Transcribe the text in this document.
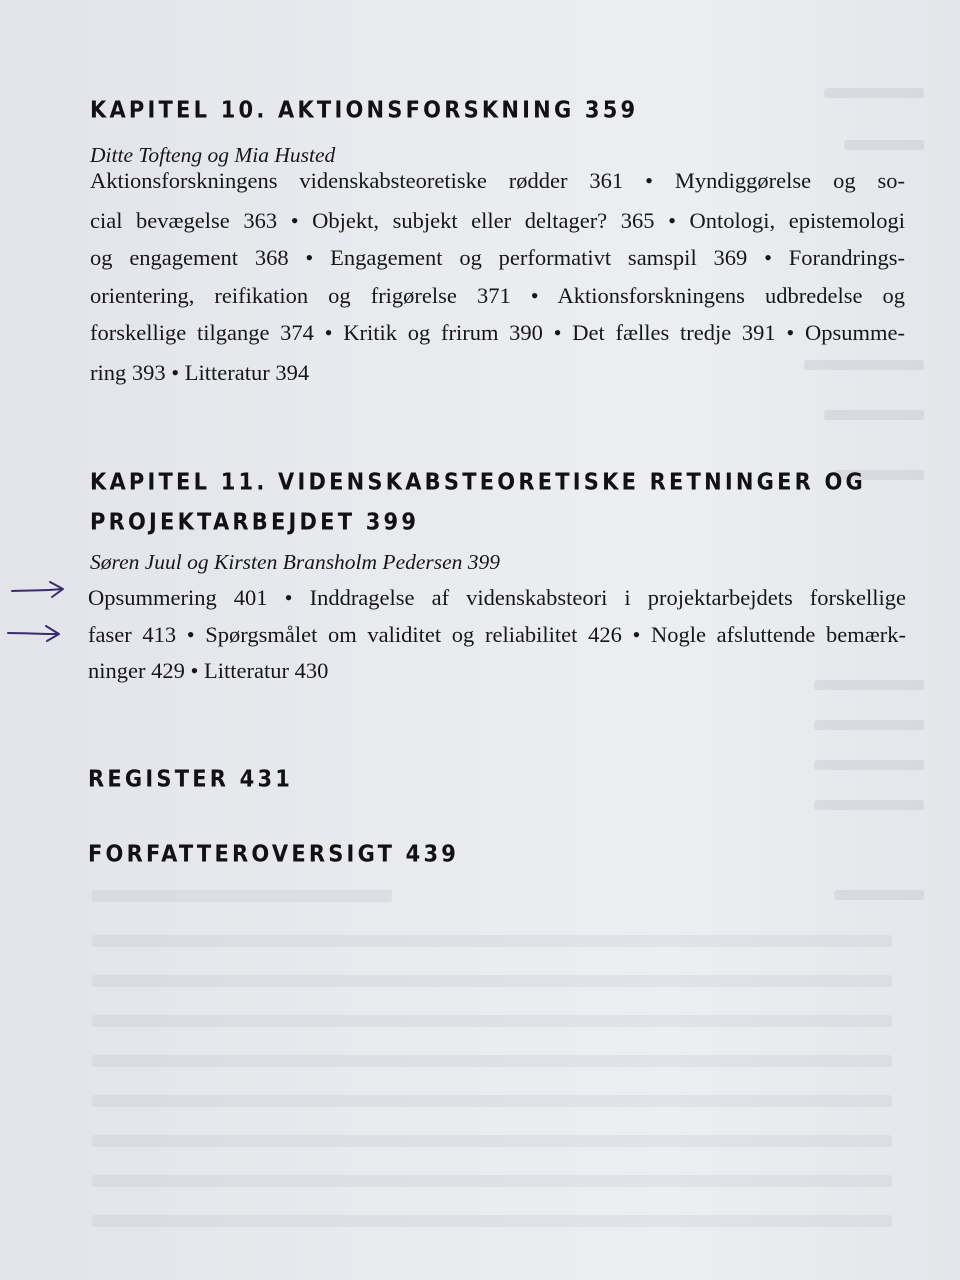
KAPITEL 10. AKTIONSFORSKNING 359
Ditte Tofteng og Mia Husted
Aktionsforskningens videnskabsteoretiske rødder 361 • Myndiggørelse og so-
cial bevægelse 363 • Objekt, subjekt eller deltager? 365 • Ontologi, epistemologi
og engagement 368 • Engagement og performativt samspil 369 • Forandrings-
orientering, reifikation og frigørelse 371 • Aktionsforskningens udbredelse og
forskellige tilgange 374 • Kritik og frirum 390 • Det fælles tredje 391 • Opsumme-
ring 393 • Litteratur 394
KAPITEL 11. VIDENSKABSTEORETISKE RETNINGER OG
PROJEKTARBEJDET 399
Søren Juul og Kirsten Bransholm Pedersen 399
Opsummering 401 • Inddragelse af videnskabsteori i projektarbejdets forskellige
faser 413 • Spørgsmålet om validitet og reliabilitet 426 • Nogle afsluttende bemærk-
ninger 429 • Litteratur 430
REGISTER 431
FORFATTEROVERSIGT 439
